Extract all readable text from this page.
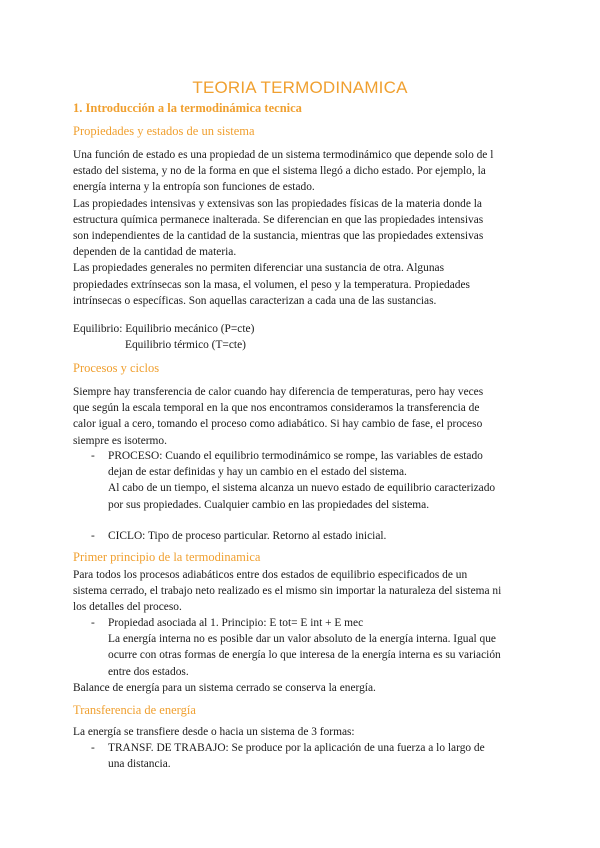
TEORIA TERMODINAMICA
1. Introducción a la termodinámica tecnica
Propiedades y estados de un sistema
Una función de estado es una propiedad de un sistema termodinámico que depende solo de l
estado del sistema, y no de la forma en que el sistema llegó a dicho estado. Por ejemplo, la
energía interna y la entropía son funciones de estado.
Las propiedades intensivas y extensivas son las propiedades físicas de la materia donde la
estructura química permanece inalterada. Se diferencian en que las propiedades intensivas
son independientes de la cantidad de la sustancia, mientras que las propiedades extensivas
dependen de la cantidad de materia.
Las propiedades generales no permiten diferenciar una sustancia de otra. Algunas
propiedades extrínsecas son la masa, el volumen, el peso y la temperatura. Propiedades
intrínsecas o específicas. Son aquellas caracterizan a cada una de las sustancias.
Equilibrio: Equilibrio mecánico (P=cte)
Equilibrio térmico (T=cte)
Procesos y ciclos
Siempre hay transferencia de calor cuando hay diferencia de temperaturas, pero hay veces
que según la escala temporal en la que nos encontramos consideramos la transferencia de
calor igual a cero, tomando el proceso como adiabático. Si hay cambio de fase, el proceso
siempre es isotermo.
- PROCESO: Cuando el equilibrio termodinámico se rompe, las variables de estado
dejan de estar definidas y hay un cambio en el estado del sistema.
Al cabo de un tiempo, el sistema alcanza un nuevo estado de equilibrio caracterizado
por sus propiedades. Cualquier cambio en las propiedades del sistema.
- CICLO: Tipo de proceso particular. Retorno al estado inicial.
Primer principio de la termodinamica
Para todos los procesos adiabáticos entre dos estados de equilibrio especificados de un
sistema cerrado, el trabajo neto realizado es el mismo sin importar la naturaleza del sistema ni
los detalles del proceso.
- Propiedad asociada al 1. Principio: E tot= E int + E mec
La energía interna no es posible dar un valor absoluto de la energía interna. Igual que
ocurre con otras formas de energía lo que interesa de la energía interna es su variación
entre dos estados.
Balance de energía para un sistema cerrado se conserva la energía.
Transferencia de energía
La energía se transfiere desde o hacia un sistema de 3 formas:
- TRANSF. DE TRABAJO: Se produce por la aplicación de una fuerza a lo largo de
una distancia.
